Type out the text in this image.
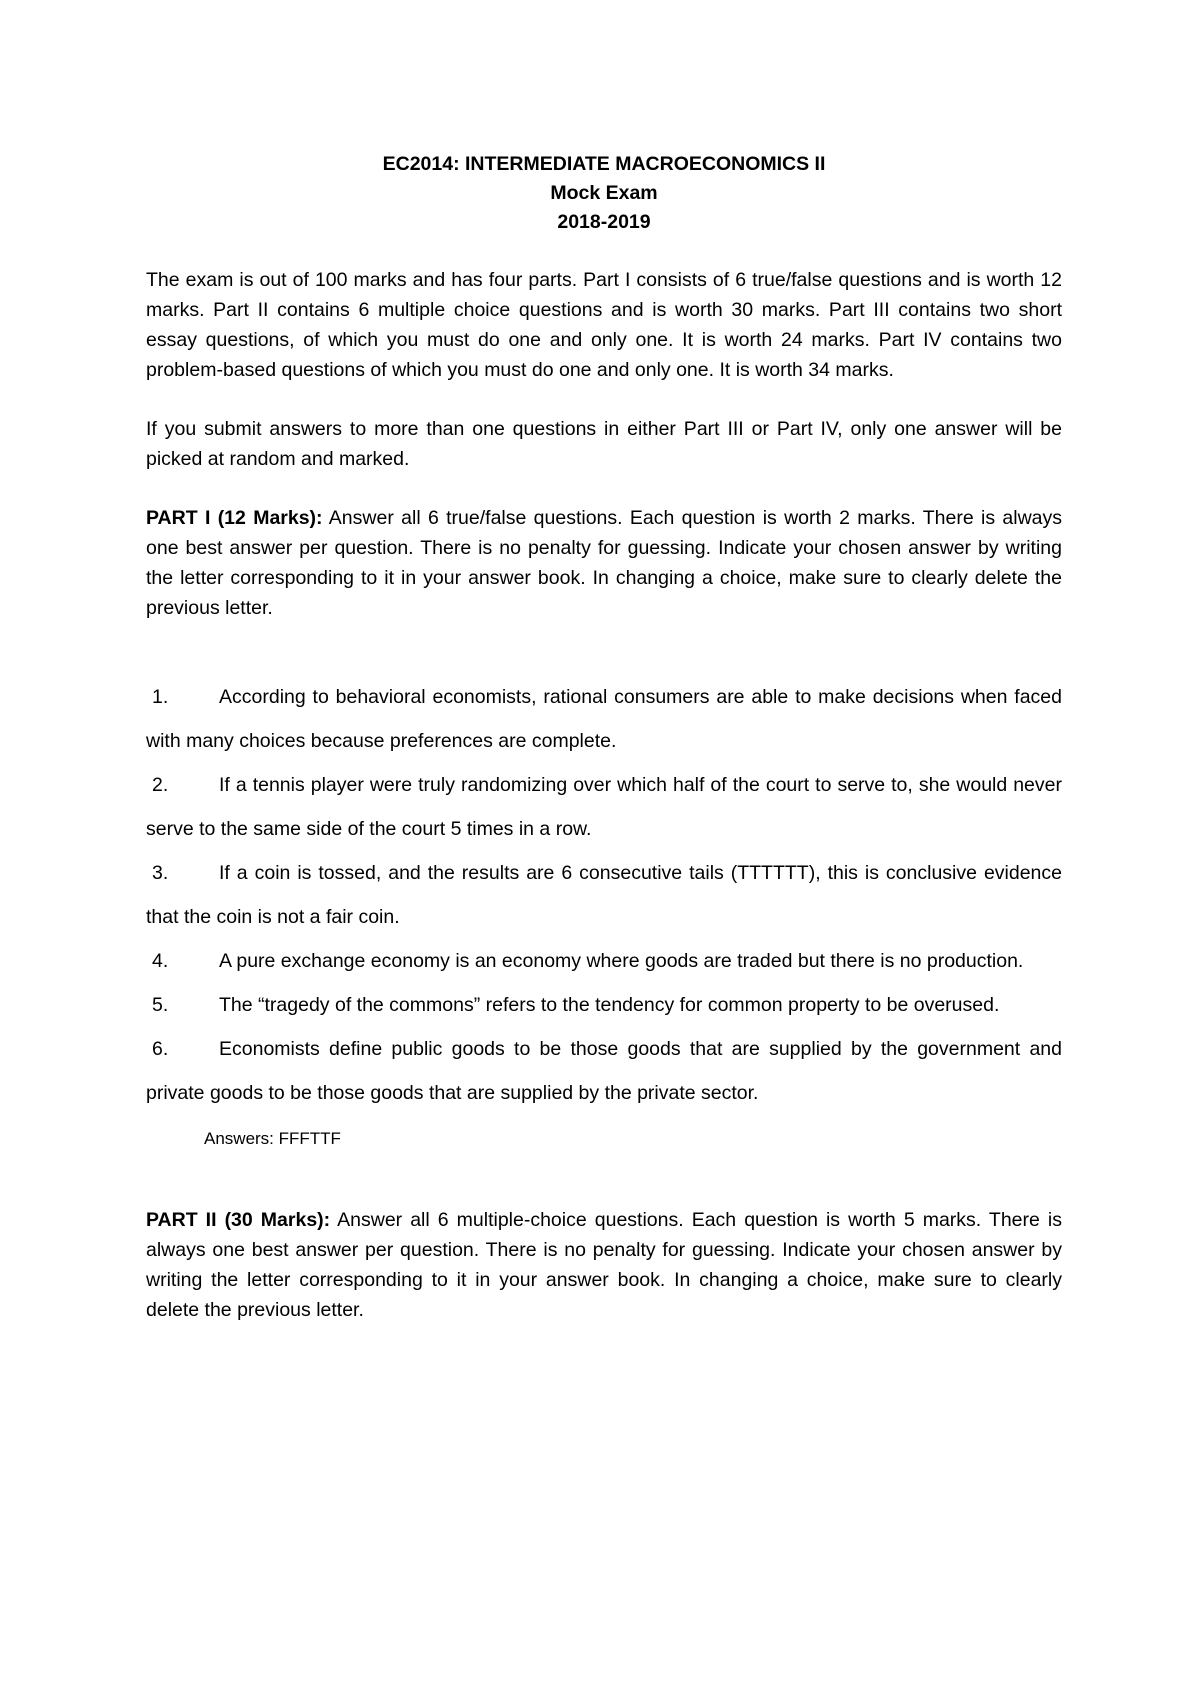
EC2014: INTERMEDIATE MACROECONOMICS II
Mock Exam
2018-2019

The exam is out of 100 marks and has four parts. Part I consists of 6 true/false questions and is worth 12 marks. Part II contains 6 multiple choice questions and is worth 30 marks. Part III contains two short essay questions, of which you must do one and only one. It is worth 24 marks. Part IV contains two problem-based questions of which you must do one and only one. It is worth 34 marks.

If you submit answers to more than one questions in either Part III or Part IV, only one answer will be picked at random and marked.

PART I (12 Marks): Answer all 6 true/false questions. Each question is worth 2 marks. There is always one best answer per question. There is no penalty for guessing. Indicate your chosen answer by writing the letter corresponding to it in your answer book. In changing a choice, make sure to clearly delete the previous letter.

1.	According to behavioral economists, rational consumers are able to make decisions when faced with many choices because preferences are complete.

2.	If a tennis player were truly randomizing over which half of the court to serve to, she would never serve to the same side of the court 5 times in a row.

3.	If a coin is tossed, and the results are 6 consecutive tails (TTTTTT), this is conclusive evidence that the coin is not a fair coin.

4.	A pure exchange economy is an economy where goods are traded but there is no production.

5.	The “tragedy of the commons” refers to the tendency for common property to be overused.

6.	Economists define public goods to be those goods that are supplied by the government and private goods to be those goods that are supplied by the private sector.

Answers: FFFTTF

PART II (30 Marks): Answer all 6 multiple-choice questions. Each question is worth 5 marks. There is always one best answer per question. There is no penalty for guessing. Indicate your chosen answer by writing the letter corresponding to it in your answer book. In changing a choice, make sure to clearly delete the previous letter.
